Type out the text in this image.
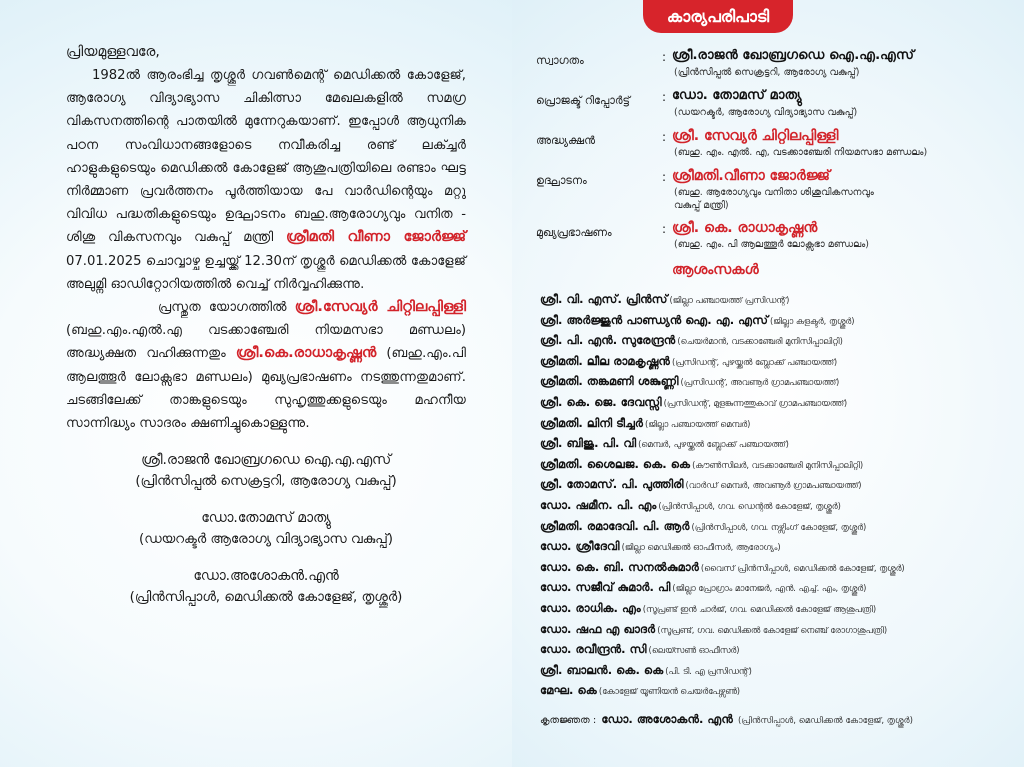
പ്രിയമുള്ളവരേ,

1982ൽ ആരംഭിച്ച തൃശ്ശൂർ ഗവൺമെന്റ് മെഡിക്കൽ കോളേജ്, ആരോഗ്യ വിദ്യാഭ്യാസ ചികിത്സാ മേഖലകളിൽ സമഗ്ര വികസനത്തിന്റെ പാതയിൽ മുന്നേറുകയാണ്. ഇപ്പോൾ ആധുനിക പഠന സംവിധാനങ്ങളോടെ നവീകരിച്ച രണ്ട് ലക്ച്ചർ ഹാളുകളുടെയും മെഡിക്കൽ കോളേജ് ആശുപത്രിയിലെ രണ്ടാം ഘട്ട നിർമ്മാണ പ്രവർത്തനം പൂർത്തിയായ പേ വാർഡിന്റെയും മറ്റു വിവിധ പദ്ധതികളുടെയും ഉദ്ഘാടനം ബഹു.ആരോഗ്യവും വനിത - ശിശു വികസനവും വകുപ്പ് മന്ത്രി ശ്രീമതി വീണാ ജോർജ്ജ് 07.01.2025 ചൊവ്വാഴ്ച ഉച്ചയ്ക്ക് 12.30ന് തൃശ്ശൂർ മെഡിക്കൽ കോളേജ് അലുമ്നി ഓഡിറ്റോറിയത്തിൽ വെച്ച് നിർവ്വഹിക്കുന്നു.

പ്രസ്തുത യോഗത്തിൽ ശ്രീ.സേവ്യർ ചിറ്റിലപ്പിള്ളി (ബഹു.എം.എൽ.എ വടക്കാഞ്ചേരി നിയമസഭാ മണ്ഡലം) അദ്ധ്യക്ഷത വഹിക്കുന്നതും ശ്രീ.കെ.രാധാകൃഷ്ണൻ (ബഹു.എം.പി ആലത്തൂർ ലോക്സഭാ മണ്ഡലം) മുഖ്യപ്രഭാഷണം നടത്തുന്നതുമാണ്. ചടങ്ങിലേക്ക് താങ്കളുടെയും സുഹൃത്തുക്കളുടെയും മഹനീയ സാന്നിദ്ധ്യം സാദരം ക്ഷണിച്ചുകൊള്ളുന്നു.

ശ്രീ.രാജൻ ഖോബ്രഗഡെ ഐ.എ.എസ്
(പ്രിൻസിപ്പൽ സെക്രട്ടറി, ആരോഗ്യ വകുപ്പ്)
ഡോ.തോമസ് മാത്യു
(ഡയറക്ടർ ആരോഗ്യ വിദ്യാഭ്യാസ വകുപ്പ്)
ഡോ.അശോകൻ.എൻ
(പ്രിൻസിപ്പാൾ, മെഡിക്കൽ കോളേജ്, തൃശ്ശൂർ)
കാര്യപരിപാടി
സ്വാഗതം	: ശ്രീ.രാജൻ ഖോബ്രഗഡെ ഐ.എ.എസ്
(പ്രിൻസിപ്പൽ സെക്രട്ടറി, ആരോഗ്യ വകുപ്പ്)
പ്രൊജക്ട് റിപ്പോർട്ട്	: ഡോ. തോമസ് മാത്യു
(ഡയറക്ടർ, ആരോഗ്യ വിദ്യാഭ്യാസ വകുപ്പ്)
അദ്ധ്യക്ഷൻ	: ശ്രീ. സേവ്യർ ചിറ്റിലപ്പിള്ളി
(ബഹു. എം. എൽ. എ, വടക്കാഞ്ചേരി നിയമസഭാ മണ്ഡലം)
ഉദ്ഘാടനം	: ശ്രീമതി.വീണാ ജോർജ്ജ്
(ബഹു. ആരോഗ്യവും വനിതാ ശിശുവികസനവും
വകുപ്പ് മന്ത്രി)
മുഖ്യപ്രഭാഷണം	: ശ്രീ. കെ. രാധാകൃഷ്ണൻ
(ബഹു. എം. പി ആലത്തൂർ ലോക്സഭാ മണ്ഡലം)
ആശംസകൾ
ശ്രീ. വി. എസ്. പ്രിൻസ് (ജില്ലാ പഞ്ചായത്ത് പ്രസിഡന്റ്)
ശ്രീ. അർജ്ജുൻ പാണ്ഡ്യൻ ഐ. എ. എസ് (ജില്ലാ കളക്ടർ, തൃശ്ശൂർ)
ശ്രീ. പി. എൻ. സുരേന്ദ്രൻ (ചെയർമാൻ, വടക്കാഞ്ചേരി മുനിസിപ്പാലിറ്റി)
ശ്രീമതി. ലീല രാമകൃഷ്ണൻ (പ്രസിഡന്റ്, പുഴയ്ക്കൽ ബ്ലോക്ക് പഞ്ചായത്ത്)
ശ്രീമതി. തങ്കമണി ശങ്കുണ്ണി (പ്രസിഡന്റ്, അവണൂർ ഗ്രാമപഞ്ചായത്ത്)
ശ്രീ. കെ. ജെ. ദേവസ്സി (പ്രസിഡന്റ്, മുളങ്കുന്നത്തുകാവ് ഗ്രാമപഞ്ചായത്ത്)
ശ്രീമതി. ലിനി ടീച്ചർ (ജില്ലാ പഞ്ചായത്ത് മെമ്പർ)
ശ്രീ. ബിജു. പി. വി (മെമ്പർ, പുഴയ്ക്കൽ ബ്ലോക്ക് പഞ്ചായത്ത്)
ശ്രീമതി. ശൈലജ. കെ. കെ (കൗൺസിലർ, വടക്കാഞ്ചേരി മുനിസിപ്പാലിറ്റി)
ശ്രീ. തോമസ്. പി. പുത്തിരി (വാർഡ് മെമ്പർ, അവണൂർ ഗ്രാമപഞ്ചായത്ത്)
ഡോ. ഷമീന. പി. എം (പ്രിൻസിപ്പാൾ, ഗവ. ഡെന്റൽ കോളേജ്, തൃശ്ശൂർ)
ശ്രീമതി. രമാദേവി. പി. ആർ (പ്രിൻസിപ്പാൾ, ഗവ. നഴ്സിംഗ് കോളേജ്, തൃശ്ശൂർ)
ഡോ. ശ്രീദേവി (ജില്ലാ മെഡിക്കൽ ഓഫീസർ, ആരോഗ്യം)
ഡോ. കെ. ബി. സനൽകുമാർ (വൈസ് പ്രിൻസിപ്പാൾ, മെഡിക്കൽ കോളേജ്, തൃശ്ശൂർ)
ഡോ. സജീവ് കുമാർ. പി (ജില്ലാ പ്രോഗ്രാം മാനേജർ, എൻ. എച്ച്. എം, തൃശ്ശൂർ)
ഡോ. രാധിക. എം (സൂപ്രണ്ട് ഇൻ ചാർജ്, ഗവ. മെഡിക്കൽ കോളേജ് ആശുപത്രി)
ഡോ. ഷഫ എ ഖാദർ (സൂപ്രണ്ട്, ഗവ. മെഡിക്കൽ കോളേജ് നെഞ്ച് രോഗാശുപത്രി)
ഡോ. രവീന്ദ്രൻ. സി (ലെയ്സൺ ഓഫീസർ)
ശ്രീ. ബാലൻ. കെ. കെ (പി. ടി. എ പ്രസിഡന്റ്)
മേഘ. കെ (കോളേജ് യൂണിയൻ ചെയർപേഴ്സൺ)
കൃതജ്ഞത : ഡോ. അശോകൻ. എൻ (പ്രിൻസിപ്പാൾ, മെഡിക്കൽ കോളേജ്, തൃശ്ശൂർ)
